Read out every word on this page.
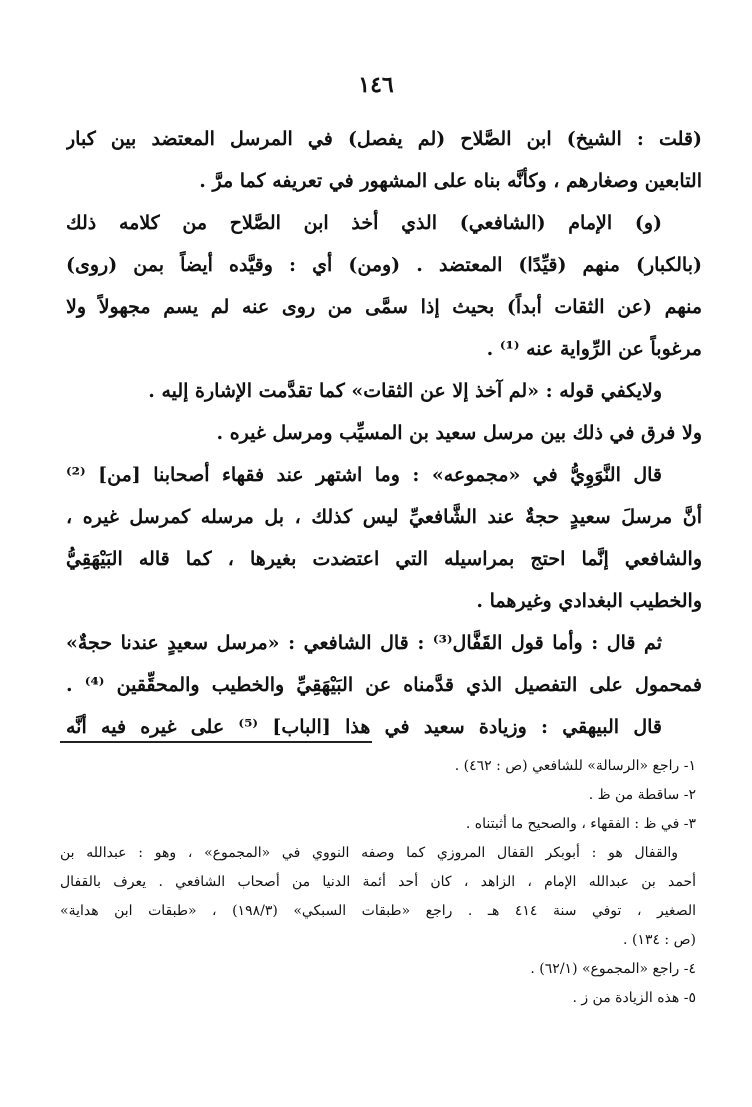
١٤٦
(قلت : الشيخ) ابن الصَّلاح (لم يفصل) في المرسل المعتضد بين كبار
التابعين وصغارهم ، وكأنَّه بناه على المشهور في تعريفه كما مرَّ .
(و) الإمام (الشافعي) الذي أخذ ابن الصَّلاح من كلامه ذلك
(بالكبار) منهم (قيِّدًا) المعتضد . (ومن) أي : وقيَّده أيضاً بمن (روى)
منهم (عن الثقات أبداً) بحيث إذا سمَّى من روى عنه لم يسم مجهولاً ولا
مرغوباً عن الرِّواية عنه ⁽¹⁾ .
ولايكفي قوله : «لم آخذ إلا عن الثقات» كما تقدَّمت الإشارة إليه .
ولا فرق في ذلك بين مرسل سعيد بن المسيِّب ومرسل غيره .
قال النَّوَوِيُّ في «مجموعه» : وما اشتهر عند فقهاء أصحابنا [من] ⁽²⁾
أنَّ مرسلَ سعيدٍ حجةٌ عند الشَّافعيِّ ليس كذلك ، بل مرسله كمرسل غيره ،
والشافعي إنَّما احتج بمراسيله التي اعتضدت بغيرها ، كما قاله البَيْهَقِيُّ
والخطيب البغدادي وغيرهما .
ثم قال : وأما قول القَفَّال⁽³⁾ : قال الشافعي : «مرسل سعيدٍ عندنا حجةٌ»
فمحمول على التفصيل الذي قدَّمناه عن البَيْهَقِيِّ والخطيب والمحقِّقين ⁽⁴⁾ .
قال البيهقي : وزيادة سعيد في هذا [الباب] ⁽⁵⁾ على غيره فيه أنَّه
١- راجع «الرسالة» للشافعي (ص : ٤٦٢) .
٢- ساقطة من ظ .
٣- في ظ : الفقهاء ، والصحيح ما أثبتناه .
والقفال هو : أبوبكر القفال المروزي كما وصفه النووي في «المجموع» ، وهو : عبدالله بن
أحمد بن عبدالله الإمام ، الزاهد ، كان أحد أئمة الدنيا من أصحاب الشافعي . يعرف بالقفال
الصغير ، توفي سنة ٤١٤ هـ . راجع «طبقات السبكي» (١٩٨/٣) ، «طبقات ابن هداية»
(ص : ١٣٤) .
٤- راجع «المجموع» (٦٢/١) .
٥- هذه الزيادة من ز .
